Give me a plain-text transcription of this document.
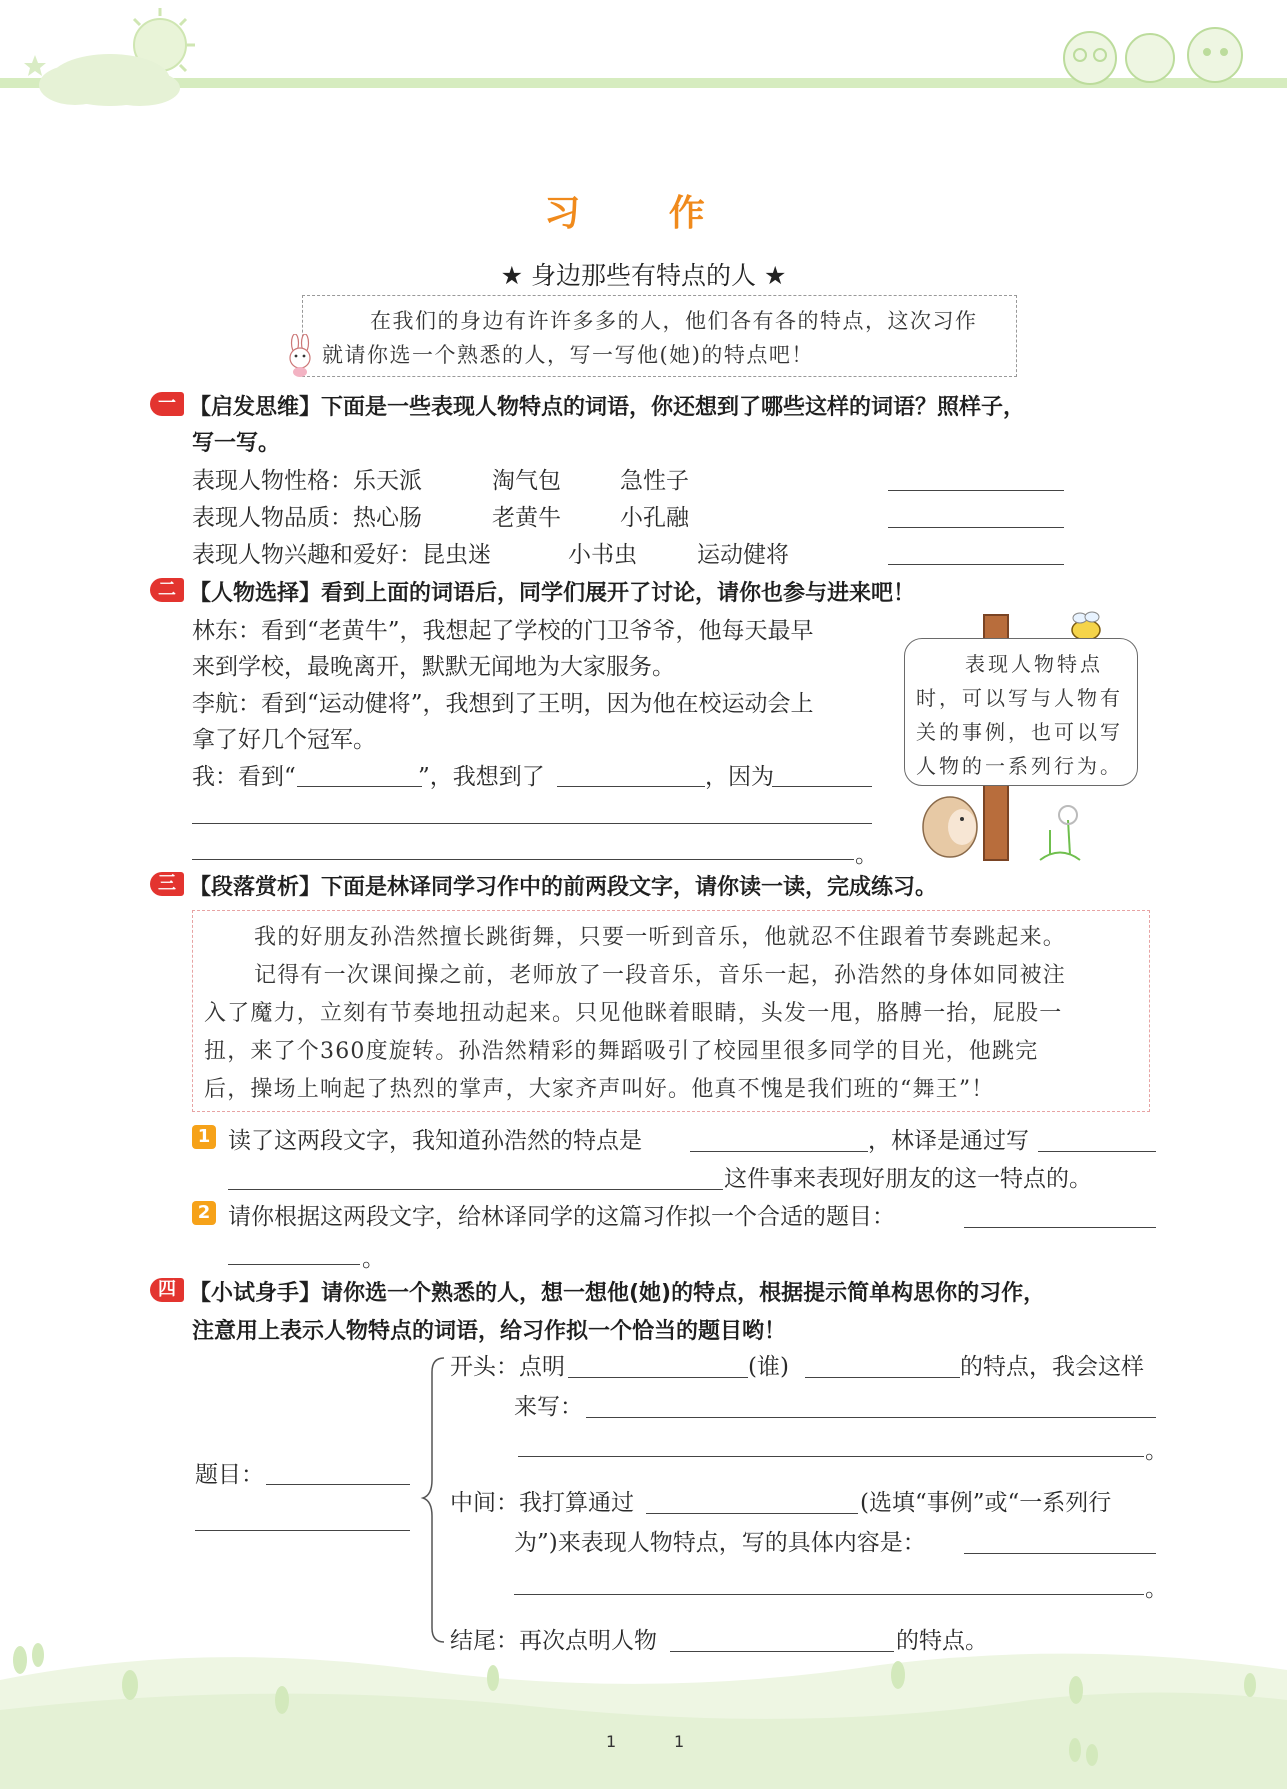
习 作
★ 身边那些有特点的人 ★
在我们的身边有许许多多的人，他们各有各的特点，这次习作
就请你选一个熟悉的人，写一写他(她)的特点吧！
一 【启发思维】下面是一些表现人物特点的词语，你还想到了哪些这样的词语？照样子，
写一写。
表现人物性格：乐天派	淘气包	急性子
表现人物品质：热心肠	老黄牛	小孔融
表现人物兴趣和爱好：昆虫迷	小书虫	运动健将
二 【人物选择】看到上面的词语后，同学们展开了讨论，请你也参与进来吧！
林东：看到“老黄牛”，我想起了学校的门卫爷爷，他每天最早
来到学校，最晚离开，默默无闻地为大家服务。
李航：看到“运动健将”，我想到了王明，因为他在校运动会上
拿了好几个冠军。
我：看到“	”，我想到了	，因为
。
表现人物特点
时，可以写与人物有
关的事例，也可以写
人物的一系列行为。
三 【段落赏析】下面是林译同学习作中的前两段文字，请你读一读，完成练习。
我的好朋友孙浩然擅长跳街舞，只要一听到音乐，他就忍不住跟着节奏跳起来。
记得有一次课间操之前，老师放了一段音乐，音乐一起，孙浩然的身体如同被注
入了魔力，立刻有节奏地扭动起来。只见他眯着眼睛，头发一甩，胳膊一抬，屁股一
扭，来了个360度旋转。孙浩然精彩的舞蹈吸引了校园里很多同学的目光，他跳完
后，操场上响起了热烈的掌声，大家齐声叫好。他真不愧是我们班的“舞王”！
1 读了这两段文字，我知道孙浩然的特点是	，林译是通过写
这件事来表现好朋友的这一特点的。
2 请你根据这两段文字，给林译同学的这篇习作拟一个合适的题目：
。
四 【小试身手】请你选一个熟悉的人，想一想他(她)的特点，根据提示简单构思你的习作，
注意用上表示人物特点的词语，给习作拟一个恰当的题目哟！
题目：
开头：点明	(谁)	的特点，我会这样
来写：
。
中间：我打算通过	(选填“事例”或“一系列行
为”)来表现人物特点，写的具体内容是：
。
结尾：再次点明人物	的特点。
1	1
